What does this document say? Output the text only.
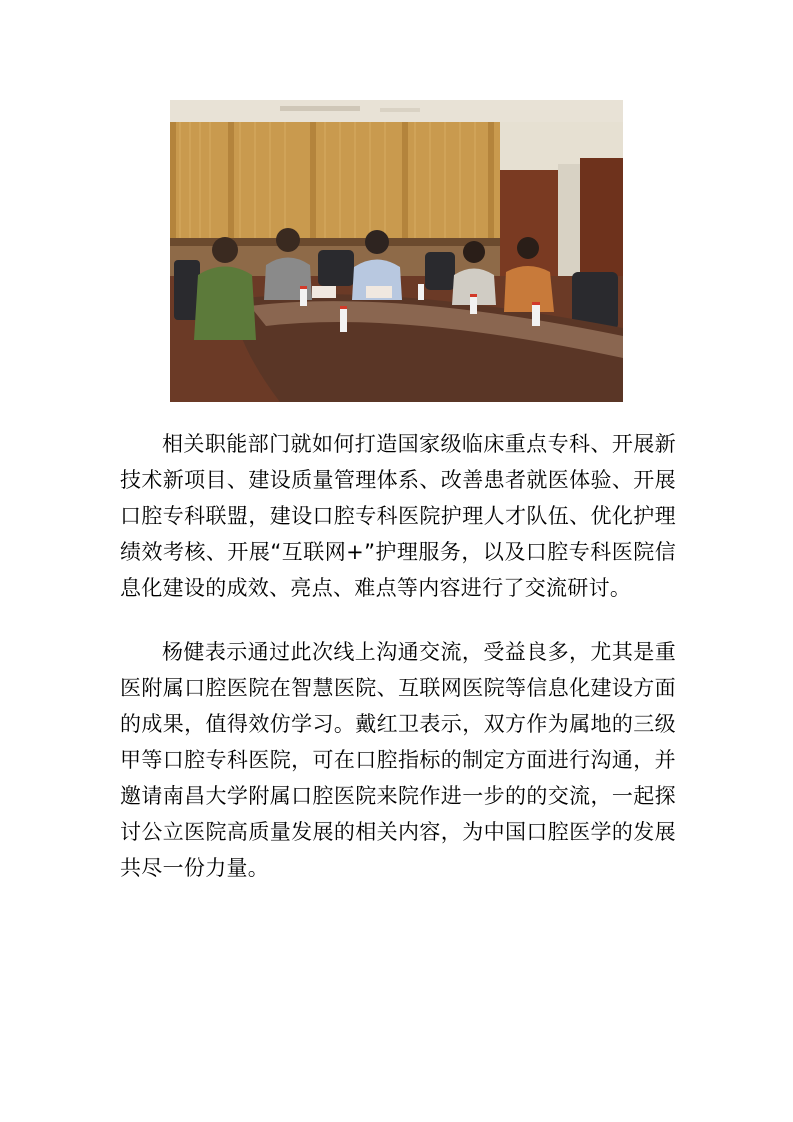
相关职能部门就如何打造国家级临床重点专科、开展新技术新项目、建设质量管理体系、改善患者就医体验、开展口腔专科联盟，建设口腔专科医院护理人才队伍、优化护理绩效考核、开展“互联网+”护理服务，以及口腔专科医院信息化建设的成效、亮点、难点等内容进行了交流研讨。

杨健表示通过此次线上沟通交流，受益良多，尤其是重医附属口腔医院在智慧医院、互联网医院等信息化建设方面的成果，值得效仿学习。戴红卫表示，双方作为属地的三级甲等口腔专科医院，可在口腔指标的制定方面进行沟通，并邀请南昌大学附属口腔医院来院作进一步的的交流，一起探讨公立医院高质量发展的相关内容，为中国口腔医学的发展共尽一份力量。
